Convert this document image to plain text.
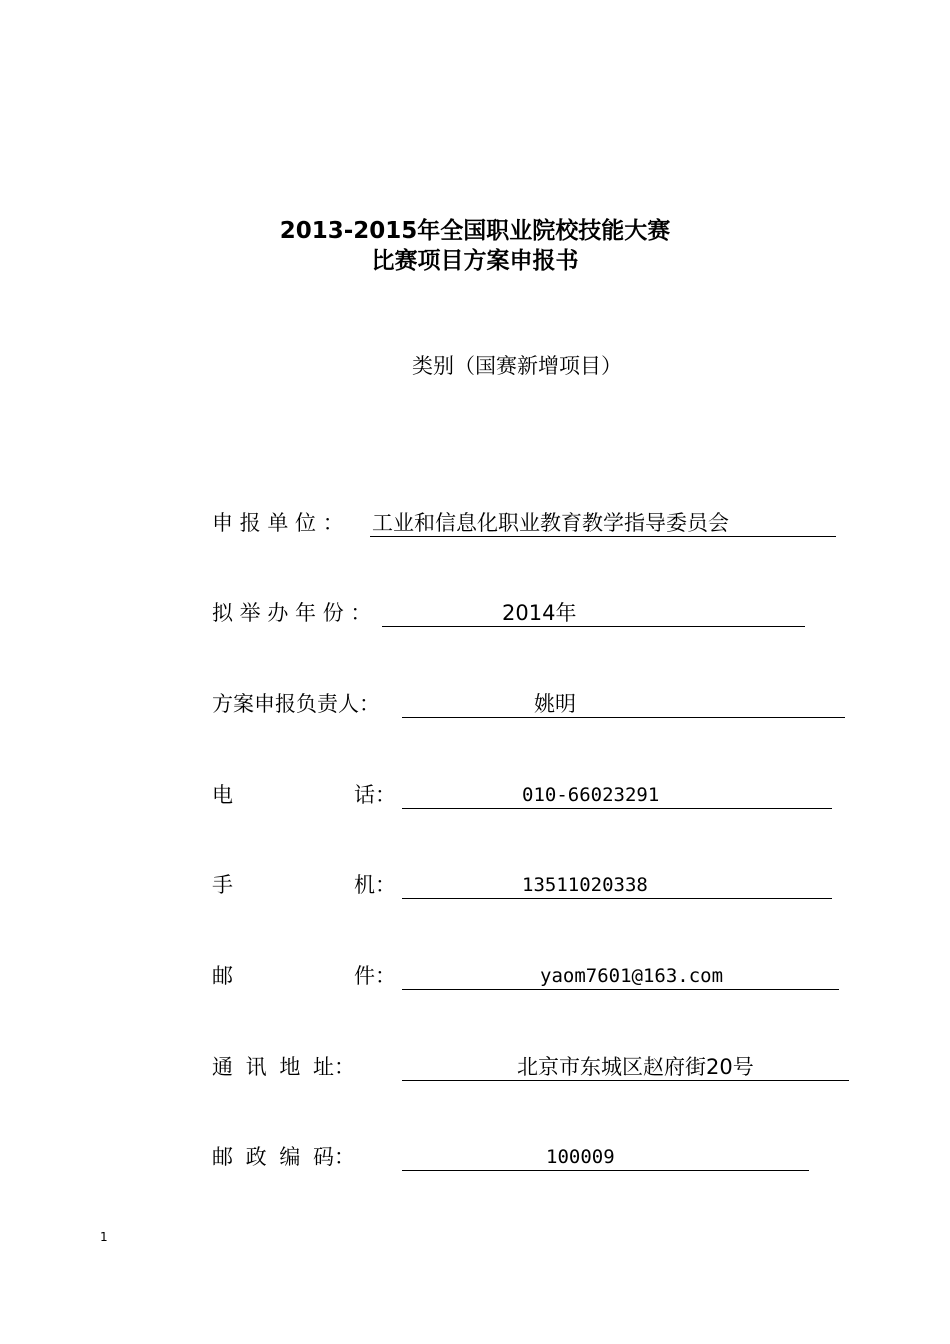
2013-2015年全国职业院校技能大赛
比赛项目方案申报书
类别（国赛新增项目）
申 报 单 位 ： 工业和信息化职业教育教学指导委员会
拟 举 办 年 份 ：	2014年
方案申报负责人：	姚明
电	话：	010-66023291
手	机：	13511020338
邮	件：	yaom7601@163.com
通 讯 地 址：	北京市东城区赵府街20号
邮 政 编 码：	100009
1
